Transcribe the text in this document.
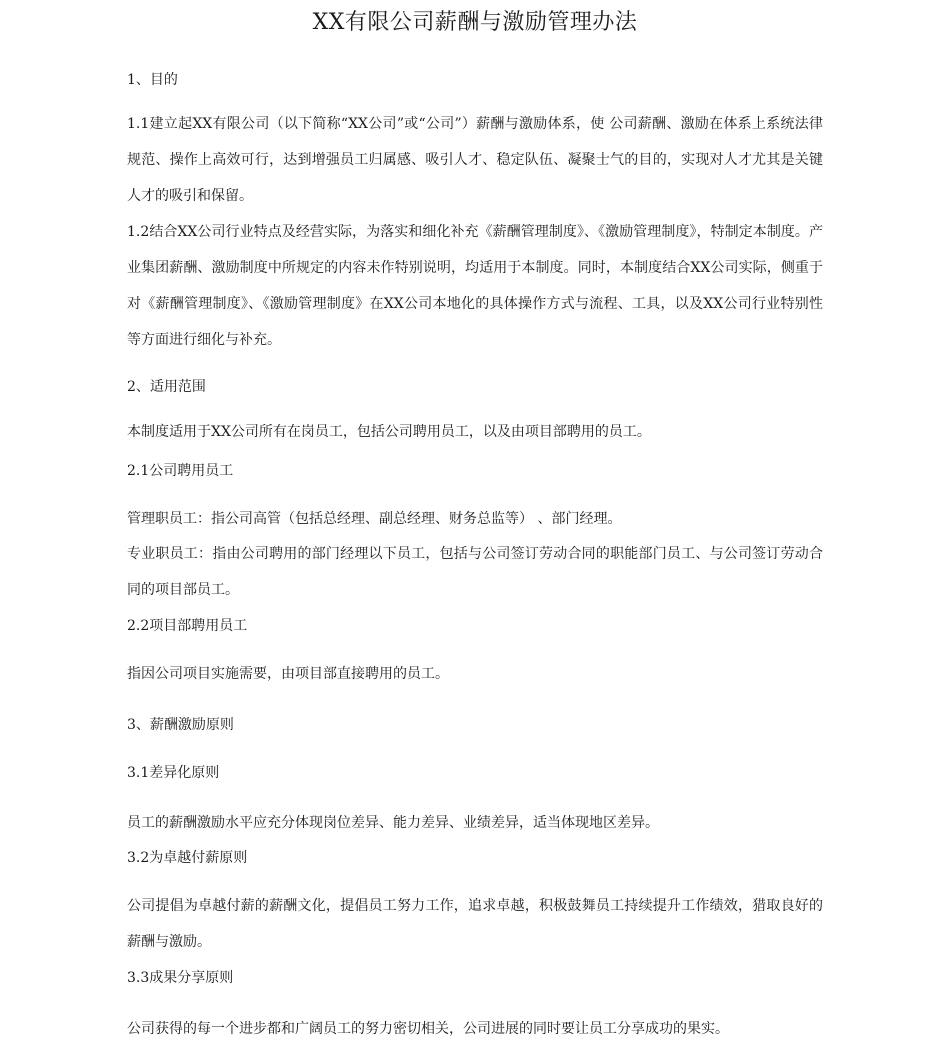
XX有限公司薪酬与激励管理办法
1、目的
1.1建立起XX有限公司（以下简称“XX公司”或“公司”）薪酬与激励体系，使 公司薪酬、激励在体系上系统法律规范、操作上高效可行，达到增强员工归属感、吸引人才、稳定队伍、凝聚士气的目的，实现对人才尤其是关键人才的吸引和保留。
1.2结合XX公司行业特点及经营实际，为落实和细化补充《薪酬管理制度》、《激励管理制度》，特制定本制度。产业集团薪酬、激励制度中所规定的内容未作特别说明，均适用于本制度。同时，本制度结合XX公司实际，侧重于对《薪酬管理制度》、《激励管理制度》在XX公司本地化的具体操作方式与流程、工具，以及XX公司行业特别性等方面进行细化与补充。
2、适用范围
本制度适用于XX公司所有在岗员工，包括公司聘用员工，以及由项目部聘用的员工。
2.1公司聘用员工
管理职员工：指公司高管（包括总经理、副总经理、财务总监等） 、部门经理。
专业职员工：指由公司聘用的部门经理以下员工，包括与公司签订劳动合同的职能部门员工、与公司签订劳动合同的项目部员工。
2.2项目部聘用员工
指因公司项目实施需要，由项目部直接聘用的员工。
3、薪酬激励原则
3.1差异化原则
员工的薪酬激励水平应充分体现岗位差异、能力差异、业绩差异，适当体现地区差异。
3.2为卓越付薪原则
公司提倡为卓越付薪的薪酬文化，提倡员工努力工作，追求卓越，积极鼓舞员工持续提升工作绩效，猎取良好的薪酬与激励。
3.3成果分享原则
公司获得的每一个进步都和广阔员工的努力密切相关，公司进展的同时要让员工分享成功的果实。
